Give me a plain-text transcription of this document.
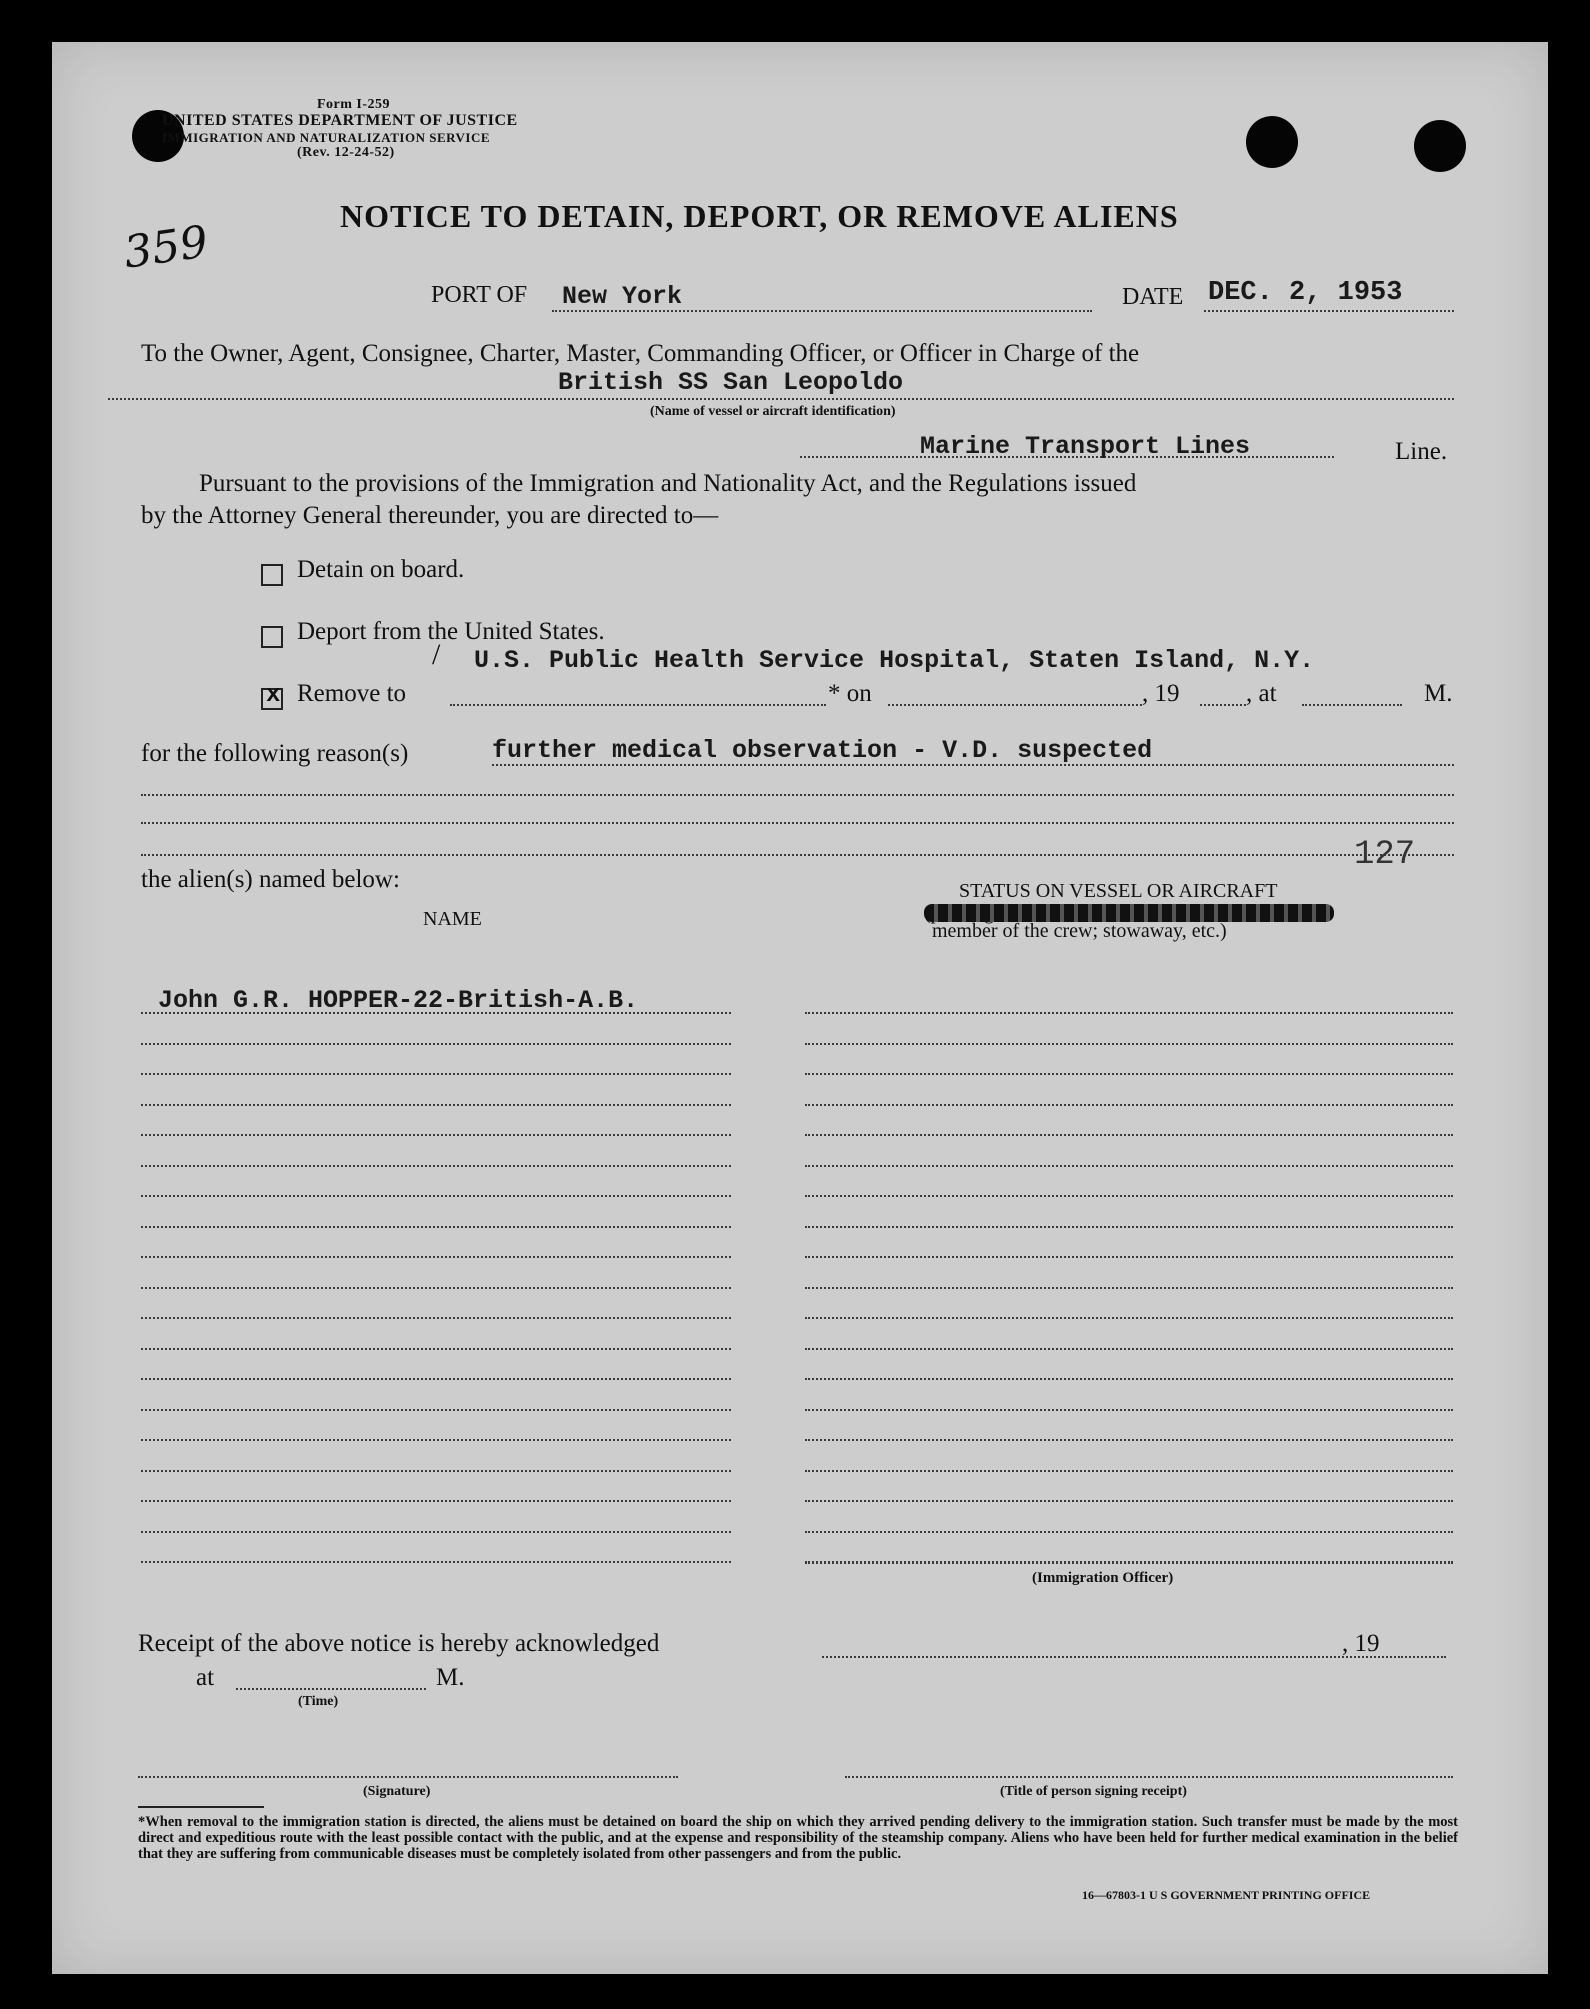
Form I-259
UNITED STATES DEPARTMENT OF JUSTICE
IMMIGRATION AND NATURALIZATION SERVICE
(Rev. 12-24-52)
359
NOTICE TO DETAIN, DEPORT, OR REMOVE ALIENS
PORT OF New York	DATE DEC. 2, 1953
To the Owner, Agent, Consignee, Charter, Master, Commanding Officer, or Officer in Charge of the
British SS San Leopoldo
(Name of vessel or aircraft identification)
Marine Transport Lines	Line.
Pursuant to the provisions of the Immigration and Nationality Act, and the Regulations issued
by the Attorney General thereunder, you are directed to—
Detain on board.
Deport from the United States.
x Remove to
U.S. Public Health Service Hospital, Staten Island, N.Y.
/
* on	, 19	, at	M.
for the following reason(s)	further medical observation - V.D. suspected
127
the alien(s) named below:
NAME
STATUS ON VESSEL OR AIRCRAFT
member of the crew; stowaway, etc.)
John G.R. HOPPER-22-British-A.B.
(Immigration Officer)
Receipt of the above notice is hereby acknowledged	, 19
at	M.
(Time)
(Signature)	(Title of person signing receipt)
*When removal to the immigration station is directed, the aliens must be detained on board the ship on which they arrived pending delivery to the immigration station. Such transfer must be made by the most direct and expeditious route with the least possible contact with the public, and at the expense and responsibility of the steamship company. Aliens who have been held for further medical examination in the belief that they are suffering from communicable diseases must be completely isolated from other passengers and from the public.
16—67803-1 U S GOVERNMENT PRINTING OFFICE
